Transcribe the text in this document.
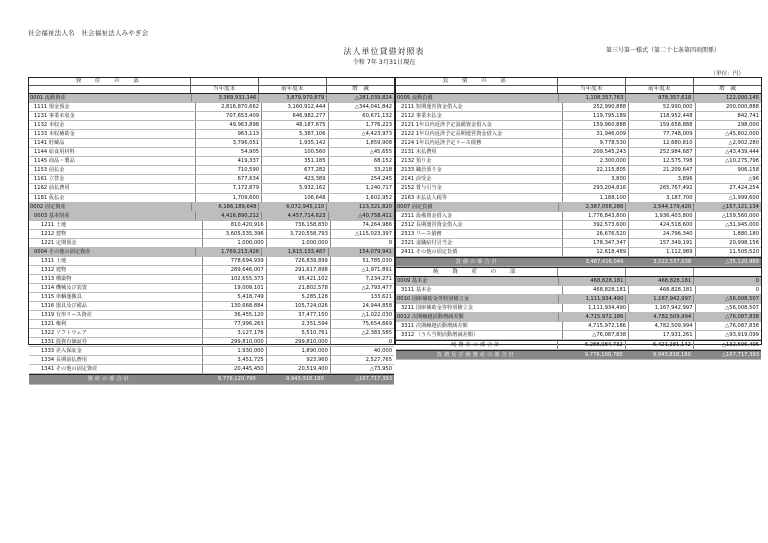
社会福祉法人名　社会福祉法人みやぎ会
第三号第一様式（第二十七条第四項関係）
法人単位貸借対照表
令和 7年 3月31日現在
（単位：円）
資　産　の　部
当年度末	前年度末	増　減
0001 流動資産	3,389,931,146	3,879,970,879	△281,039,824
1111 現金預金	2,816,870,662	3,160,912,444	△344,041,842
1131 事業未収金	707,653,409	646,982,277	60,671,132
1132 未収金	49,963,898	48,187,675	1,776,223
1133 未収補助金	963,113	5,387,106	△4,423,973
1141 貯蔵品	3,796,051	1,935,142	1,859,908
1144 給食用材料	54,905	100,560	△45,655
1145 商品・製品	419,337	351,185	68,152
1153 前払金	710,590	677,282	33,218
1161 立替金	677,634	423,389	254,245
1162 前払費用	7,172,879	5,932,162	1,240,717
1181 仮払金	1,709,600	106,648	1,602,952
0002 固定資産	6,186,189,648	6,072,945,110	113,321,820
0003 基本財産	4,416,890,212	4,457,714,623	△40,758,411
1211 土地	810,420,916	736,158,830	74,264,986
1212 建物	3,605,535,396	3,720,558,793	△115,023,397
1221 定期預金	1,000,000	1,000,000	0
0004 その他の固定資産	1,769,213,426	1,615,133,487	154,079,941
1311 土地	778,694,939	726,839,899	51,785,030
1312 建物	289,646,007	291,617,898	△1,971,891
1313 構築物	102,655,373	95,421,102	7,234,271
1314 機械及び装置	19,009,101	21,802,578	△2,793,477
1315 車輌運搬具	5,418,749	5,285,128	133,621
1316 器具及び備品	130,668,884	105,724,026	24,944,858
1319 有形リース資産	36,455,120	37,477,150	△1,022,030
1321 権利	77,996,263	2,351,594	75,654,669
1322 ソフトウェア	3,127,176	5,510,761	△2,383,585
1331 投資有価証券	299,810,000	299,810,000	0
1333 差入保証金	1,930,000	1,890,000	40,000
1334 長期前払費用	3,451,725	923,960	2,527,765
1341 その他の固定資産	20,445,450	20,519,400	△73,950
資産の部合計	9,776,120,790	9,943,918,180	△167,717,393
負　債　の　部
当年度末	前年度末	増　減
0005 流動負債	1,108,357,763	978,357,618	122,000,145
2111 短期運営資金借入金	252,990,888	52,990,000	200,000,888
2112 事業未払金	119,795,189	118,952,448	842,741
2121 1年以内返済予定設備資金借入金	159,960,888	159,658,888	298,000
2122 1年以内返済予定長期運営資金借入金	31,946,009	77,748,009	△45,802,000
2124 1年以内返済予定リース債務	9,778,530	12,680,810	△2,902,280
2131 未払費用	209,545,243	252,984,687	△43,439,444
2132 預り金	2,300,000	12,575,798	△10,275,798
2133 職員預り金	22,115,805	21,209,647	906,158
2141 前受金	3,800	3,896	△96
2152 賞与引当金	293,204,816	265,767,492	27,424,254
2163 未払法人税等	1,188,100	3,187,700	△1,999,600
0007 固定負債	2,387,058,286	2,544,179,420	△157,121,134
2311 設備資金借入金	1,776,843,800	1,936,403,800	△159,560,000
2312 長期運営資金借入金	392,573,600	424,518,600	△31,945,000
2313 リース債務	26,676,520	24,796,340	1,880,180
2321 退職給付引当金	178,347,347	157,349,191	20,998,156
2411 その他の固定負債	12,618,489	1,112,989	11,505,520
負債の部合計	3,487,416,049	3,522,537,038	△35,120,989
純　資　産　の　部
0009 基本金	468,828,181	468,828,181	0
3111 基本金	468,828,181	468,828,181	0
0010 国庫補助金等特別積立金	1,111,934,490	1,167,942,997	△56,008,507
3211 国庫補助金等特別積立金	1,111,934,490	1,167,942,997	△56,008,507
0012 次期繰越活動増減差額	4,715,972,186	4,782,509,994	△76,087,838
3311 次期繰越活動増減差額	4,715,972,186	4,782,509,994	△76,087,838
3312 （うち当期活動増減差額）	△76,087,838	17,931,261	△93,919,099
純資産の部合計	6,288,084,732	6,421,281,142	△132,596,405
負債及び純資産の部合計	9,776,100,780	9,943,818,180	△167,717,393
